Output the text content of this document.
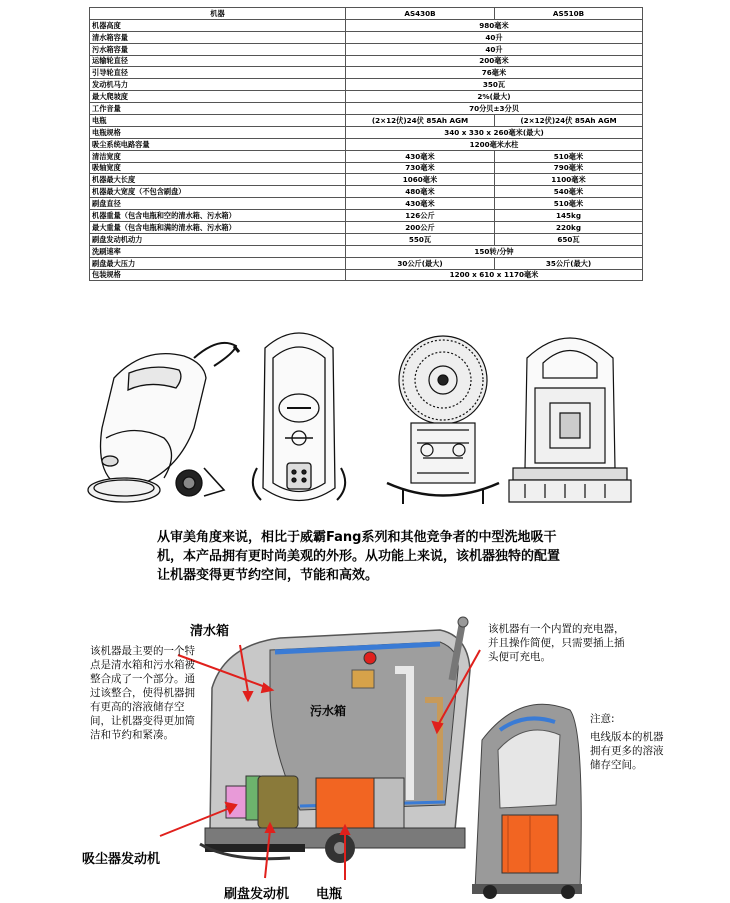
机器	AS430B	AS510B
机器高度	980毫米	
清水箱容量	40升	
污水箱容量	40升	
运输轮直径	200毫米	
引导轮直径	76毫米	
发动机马力	350瓦	
最大爬坡度	2%(最大)	
工作音量	70分贝±3分贝	
电瓶	(2×12伏)24伏 85Ah AGM	(2×12伏)24伏 85Ah AGM
电瓶规格	340 x 330 x 260毫米(最大)	
吸尘系统电路容量	1200毫米水柱	
清洁宽度	430毫米	510毫米
吸轴宽度	730毫米	790毫米
机器最大长度	1060毫米	1100毫米
机器最大宽度（不包含刷盘）	480毫米	540毫米
刷盘直径	430毫米	510毫米
机器重量（包含电瓶和空的清水箱、污水箱）	126公斤	145kg
最大重量（包含电瓶和满的清水箱、污水箱）	200公斤	220kg
刷盘发动机动力	550瓦	650瓦
洗刷速率	150转/分钟	
刷盘最大压力	30公斤(最大)	35公斤(最大)
包装规格	1200 x 610 x 1170毫米	

从审美角度来说，相比于威霸Fang系列和其他竞争者的中型洗地吸干机，本产品拥有更时尚美观的外形。从功能上来说，该机器独特的配置让机器变得更节约空间，节能和高效。

清水箱
污水箱
吸尘器发动机
刷盘发动机 电瓶
该机器最主要的一个特点是清水箱和污水箱被整合成了一个部分。通过该整合，使得机器拥有更高的溶液储存空间，让机器变得更加简洁和节约和紧凑。
该机器有一个内置的充电器，并且操作简便，只需要插上插头便可充电。
注意:
电线版本的机器拥有更多的溶液储存空间。
